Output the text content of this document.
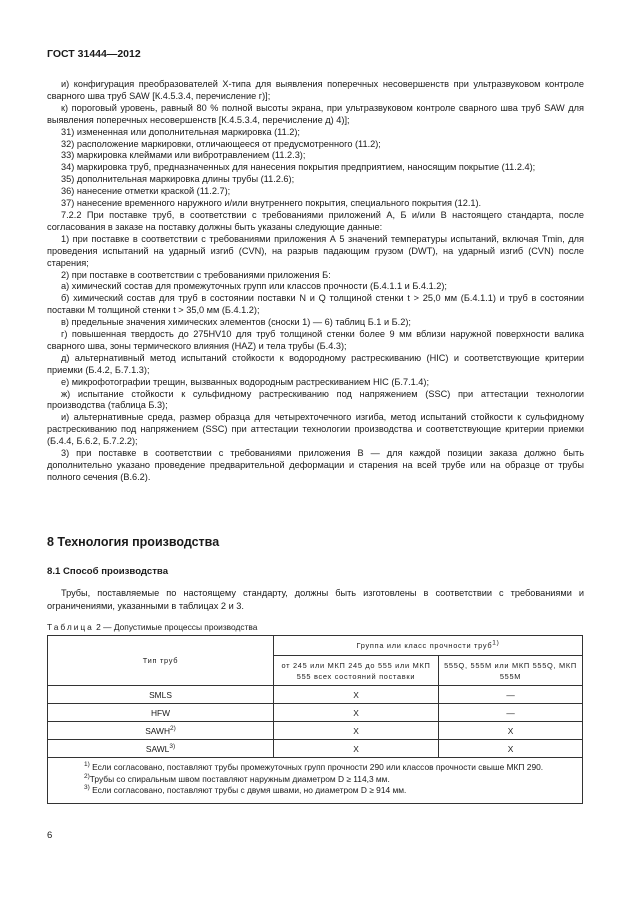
ГОСТ 31444—2012

и) конфигурация преобразователей Х-типа для выявления поперечных несовершенств при ультразвуковом контроле сварного шва труб SAW [К.4.5.3.4, перечисление г)];

к) пороговый уровень, равный 80 % полной высоты экрана, при ультразвуковом контроле сварного шва труб SAW для выявления поперечных несовершенств [К.4.5.3.4, перечисление д) 4)];

31) измененная или дополнительная маркировка (11.2);

32) расположение маркировки, отличающееся от предусмотренного (11.2);

33) маркировка клеймами или вибротравлением (11.2.3);

34) маркировка труб, предназначенных для нанесения покрытия предприятием, наносящим покрытие (11.2.4);

35) дополнительная маркировка длины трубы (11.2.6);

36) нанесение отметки краской (11.2.7);

37) нанесение временного наружного и/или внутреннего покрытия, специального покрытия (12.1).

7.2.2 При поставке труб, в соответствии с требованиями приложений А, Б и/или В настоящего стандарта, после согласования в заказе на поставку должны быть указаны следующие данные:

1) при поставке в соответствии с требованиями приложения А 5 значений температуры испытаний, включая Tmin, для проведения испытаний на ударный изгиб (CVN), на разрыв падающим грузом (DWT), на ударный изгиб (CVN) после старения;

2) при поставке в соответствии с требованиями приложения Б:

а) химический состав для промежуточных групп или классов прочности (Б.4.1.1 и Б.4.1.2);

б) химический состав для труб в состоянии поставки N и Q толщиной стенки t > 25,0 мм (Б.4.1.1) и труб в состоянии поставки М толщиной стенки t > 35,0 мм (Б.4.1.2);

в) предельные значения химических элементов (сноски 1) — 6) таблиц Б.1 и Б.2);

г) повышенная твердость до 275HV10 для труб толщиной стенки более 9 мм вблизи наружной поверхности валика сварного шва, зоны термического влияния (HAZ) и тела трубы (Б.4.3);

д) альтернативный метод испытаний стойкости к водородному растрескиванию (HIC) и соответствующие критерии приемки (Б.4.2, Б.7.1.3);

е) микрофотографии трещин, вызванных водородным растрескиванием HIC (Б.7.1.4);

ж) испытание стойкости к сульфидному растрескиванию под напряжением (SSC) при аттестации технологии производства (таблица Б.3);

и) альтернативные среда, размер образца для четырехточечного изгиба, метод испытаний стойкости к сульфидному растрескиванию под напряжением (SSC) при аттестации технологии производства и соответствующие критерии приемки (Б.4.4, Б.6.2, Б.7.2.2);

3) при поставке в соответствии с требованиями приложения В — для каждой позиции заказа должно быть дополнительно указано проведение предварительной деформации и старения на всей трубе или на образце от трубы полного сечения (В.6.2).

8 Технология производства
8.1 Способ производства

Трубы, поставляемые по настоящему стандарту, должны быть изготовлены в соответствии с требованиями и ограничениями, указанными в таблицах 2 и 3.

Таблица 2 — Допустимые процессы производства
Тип труб	Группа или класс прочности труб$^{1)}$
	от 245 или МКП 245 до 555 или МКП 555 всех состояний поставки	555Q, 555M или МКП 555Q, МКП 555M
SMLS	X	—
HFW	X	—
SAWH$^{2)}$	X	X
SAWL$^{3)}$	X	X

$^{1)}$ Если согласовано, поставляют трубы промежуточных групп прочности 290 или классов прочности свыше МКП 290.

$^{2)}$Трубы со спиральным швом поставляют наружным диаметром D ≥ 114,3 мм.

$^{3)}$ Если согласовано, поставляют трубы с двумя швами, но диаметром D ≥ 914 мм.		

6
